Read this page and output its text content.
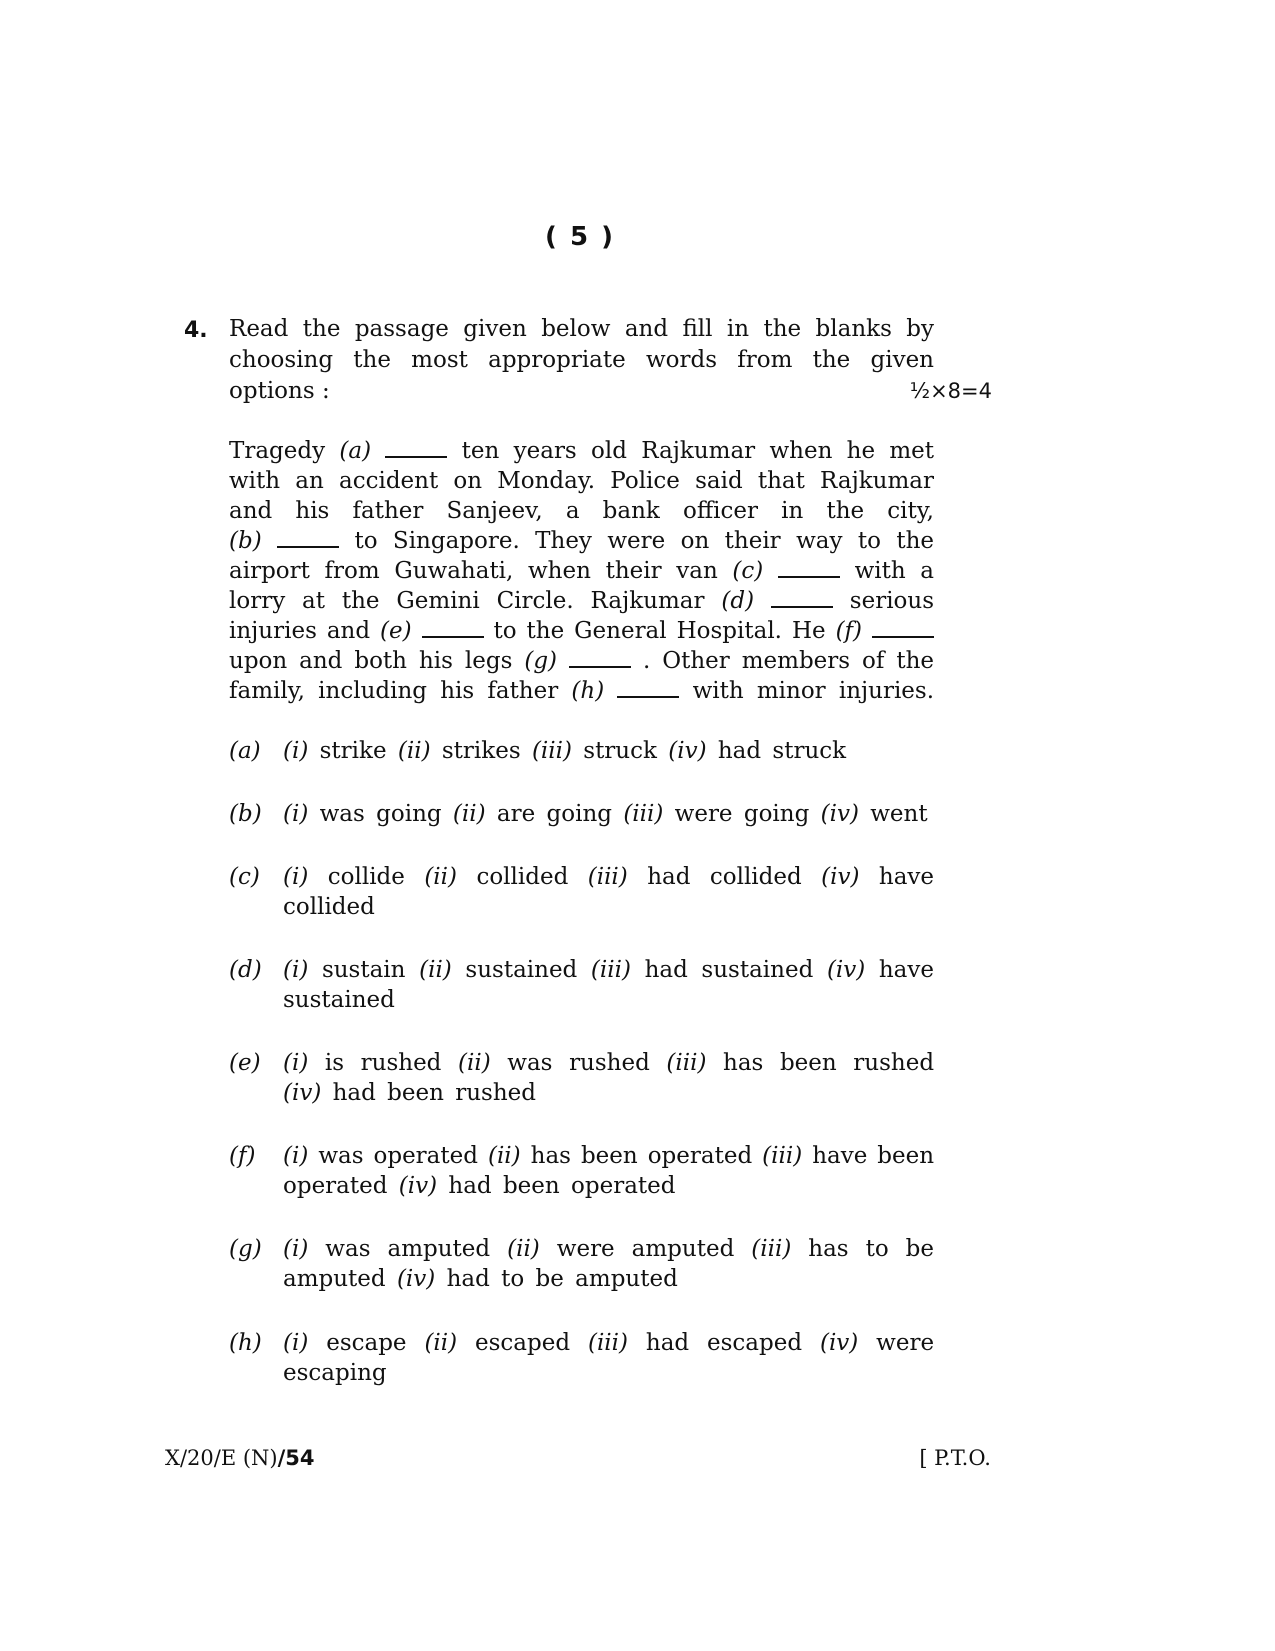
( 5 )
4. Read the passage given below and fill in the blanks by
choosing the most appropriate words from the given
options :	½×8=4
Tragedy (a)	ten years old Rajkumar when he met
with an accident on Monday. Police said that Rajkumar
and his father Sanjeev, a bank officer in the city,
(b)	to Singapore. They were on their way to the
airport from Guwahati, when their van (c)	with a
lorry at the Gemini Circle. Rajkumar (d)	serious
injuries and (e)	to the General Hospital. He (f)
upon and both his legs (g)	. Other members of the
family, including his father (h)	with minor injuries.
(a) (i) strike (ii) strikes (iii) struck (iv) had struck
(b) (i) was going (ii) are going (iii) were going (iv) went
(c) (i) collide (ii) collided (iii) had collided (iv) have
collided
(d) (i) sustain (ii) sustained (iii) had sustained (iv) have
sustained
(e) (i) is rushed (ii) was rushed (iii) has been rushed
(iv) had been rushed
(f) (i) was operated (ii) has been operated (iii) have been
operated (iv) had been operated
(g) (i) was amputed (ii) were amputed (iii) has to be
amputed (iv) had to be amputed
(h) (i) escape (ii) escaped (iii) had escaped (iv) were
escaping
X/20/E (N)/54	[ P.T.O.
